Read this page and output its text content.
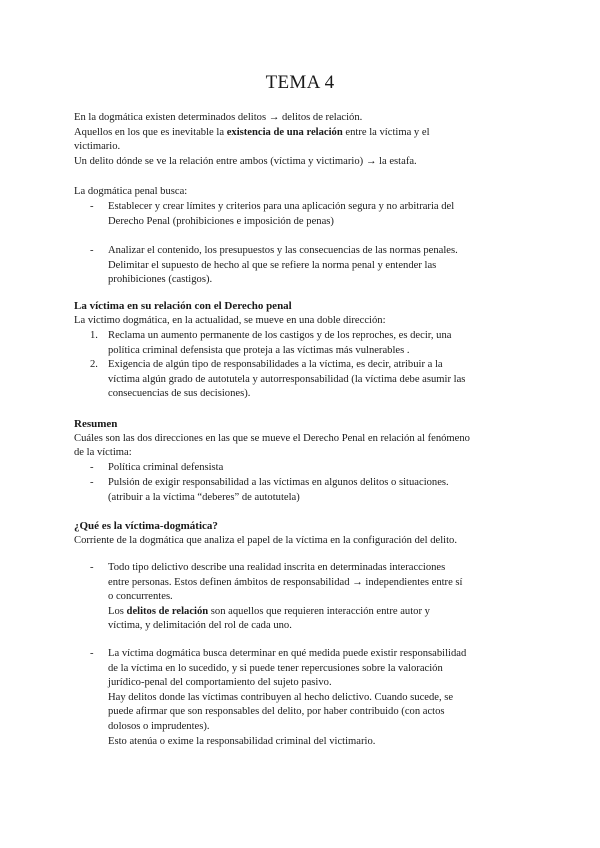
TEMA 4
En la dogmática existen determinados delitos → delitos de relación.
Aquellos en los que es inevitable la existencia de una relación entre la víctima y el
victimario.
Un delito dónde se ve la relación entre ambos (víctima y victimario) → la estafa.
La dogmática penal busca:
- Establecer y crear límites y criterios para una aplicación segura y no arbitraria del
Derecho Penal (prohibiciones e imposición de penas)
- Analizar el contenido, los presupuestos y las consecuencias de las normas penales.
Delimitar el supuesto de hecho al que se refiere la norma penal y entender las
prohibiciones (castigos).
La víctima en su relación con el Derecho penal
La victimo dogmática, en la actualidad, se mueve en una doble dirección:
1. Reclama un aumento permanente de los castigos y de los reproches, es decir, una
política criminal defensista que proteja a las víctimas más vulnerables .
2. Exigencia de algún tipo de responsabilidades a la víctima, es decir, atribuir a la
víctima algún grado de autotutela y autorresponsabilidad (la víctima debe asumir las
consecuencias de sus decisiones).
Resumen
Cuáles son las dos direcciones en las que se mueve el Derecho Penal en relación al fenómeno
de la víctima:
- Política criminal defensista
- Pulsión de exigir responsabilidad a las víctimas en algunos delitos o situaciones.
(atribuir a la víctima “deberes” de autotutela)
¿Qué es la víctima-dogmática?
Corriente de la dogmática que analiza el papel de la víctima en la configuración del delito.
- Todo tipo delictivo describe una realidad inscrita en determinadas interacciones
entre personas. Estos definen ámbitos de responsabilidad → independientes entre sí
o concurrentes.
Los delitos de relación son aquellos que requieren interacción entre autor y
víctima, y delimitación del rol de cada uno.
- La víctima dogmática busca determinar en qué medida puede existir responsabilidad
de la víctima en lo sucedido, y si puede tener repercusiones sobre la valoración
jurídico-penal del comportamiento del sujeto pasivo.
Hay delitos donde las víctimas contribuyen al hecho delictivo. Cuando sucede, se
puede afirmar que son responsables del delito, por haber contribuido (con actos
dolosos o imprudentes).
Esto atenúa o exime la responsabilidad criminal del victimario.
